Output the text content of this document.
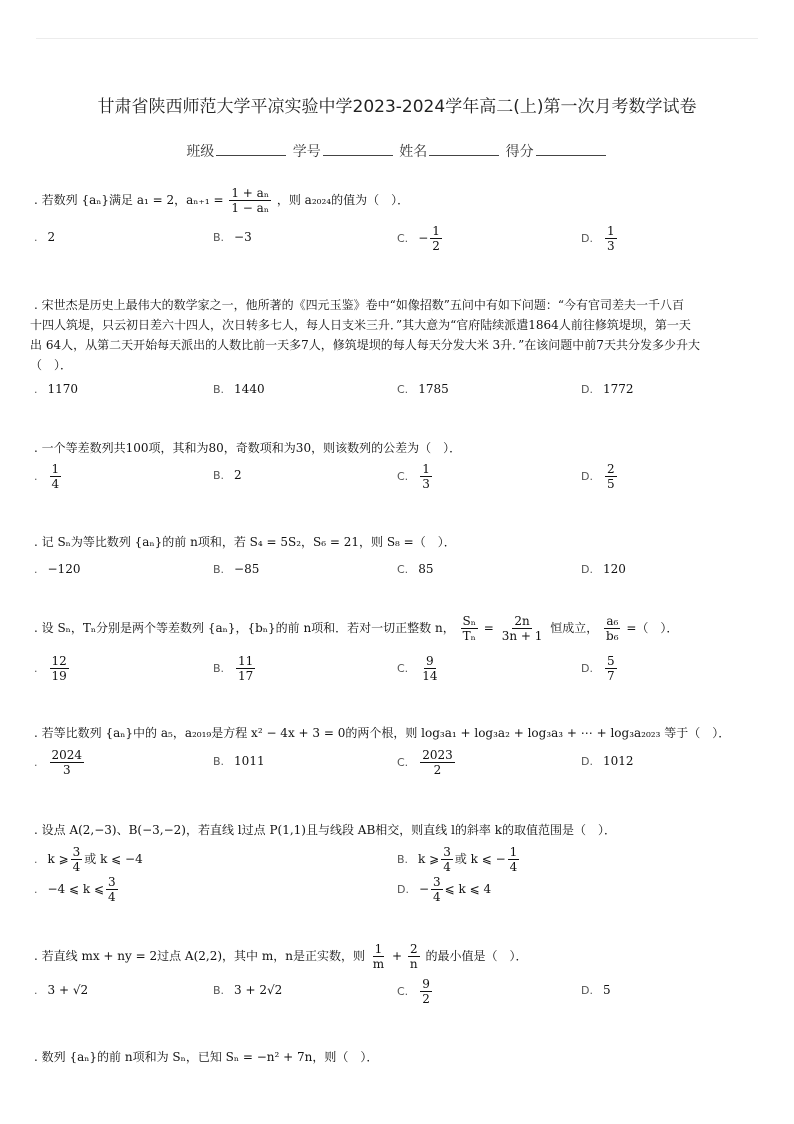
甘肃省陕西师范大学平凉实验中学2023-2024学年高二(上)第一次月考数学试卷
班级	学号	姓名	得分
. 若数列 {aₙ}满足 a₁ = 2，$a_{n+1} = \frac{\text{1 + aₙ}}{\text{1 − aₙ}}$ ，则 a₂₀₂₄的值为（　）．
. 2	B. −3	C. − $\frac{1}{2}$	D. $\frac{1}{3}$
. 宋世杰是历史上最伟大的数学家之一，他所著的《四元玉鉴》卷中“如像招数”五问中有如下问题：“今有官司差夫一千八百
十四人筑堤，只云初日差六十四人，次日转多七人，每人日支米三升．”其大意为“官府陆续派遣1864人前往修筑堤坝，第一天
出 64人，从第二天开始每天派出的人数比前一天多7人，修筑堤坝的每人每天分发大米 3升．”在该问题中前7天共分发多少升大
（　）．
. 1170	B. 1440	C. 1785	D. 1772
. 一个等差数列共100项，其和为80，奇数项和为30，则该数列的公差为（　）．
. $\frac{1}{4}$	B. 2	C. $\frac{1}{3}$	D. $\frac{2}{5}$
. 记 Sₙ为等比数列 {aₙ}的前 n项和，若 S₄ = 5S₂，S₆ = 21，则 S₈ =（　）．
. −120	B. −85	C. 85	D. 120
. 设 Sₙ，Tₙ分别是两个等差数列 {aₙ}，{bₙ}的前 n项和．若对一切正整数 n， $\frac{\text{Sₙ}}{\text{Tₙ}} = \frac{2n}{3n + 1}$ 恒成立， $\frac{\text{a₆}}{\text{b₆}}$ =（　）．
. $\frac{12}{19}$	B. $\frac{11}{17}$	C. $\frac{9}{14}$	D. $\frac{5}{7}$
. 若等比数列 {aₙ}中的 a₅，a₂₀₁₉是方程 x² − 4x + 3 = 0的两个根，则 log₃a₁ + log₃a₂ + log₃a₃ + ⋯ + log₃a₂₀₂₃ 等于（　）．
. $\frac{2024}{3}$	B. 1011	C. $\frac{2023}{2}$	D. 1012
. 设点 A(2,−3)、B(−3,−2)，若直线 l过点 P(1,1)且与线段 AB相交，则直线 l的斜率 k的取值范围是（　）．
. k ⩾ $\frac{3}{4}$ 或 k ⩽ −4	B. k ⩾ $\frac{3}{4}$ 或 k ⩽ − $\frac{1}{4}$
. −4 ⩽ k ⩽ $\frac{3}{4}$	D. − $\frac{3}{4}$ ⩽ k ⩽ 4
. 若直线 mx + ny = 2过点 A(2,2)，其中 m，n是正实数，则 $\frac{1}{m} + \frac{2}{n}$ 的最小值是（　）．
. 3 + √2	B. 3 + 2√2	C. $\frac{9}{2}$	D. 5
. 数列 {aₙ}的前 n项和为 Sₙ，已知 Sₙ = −n² + 7n，则（　）．
